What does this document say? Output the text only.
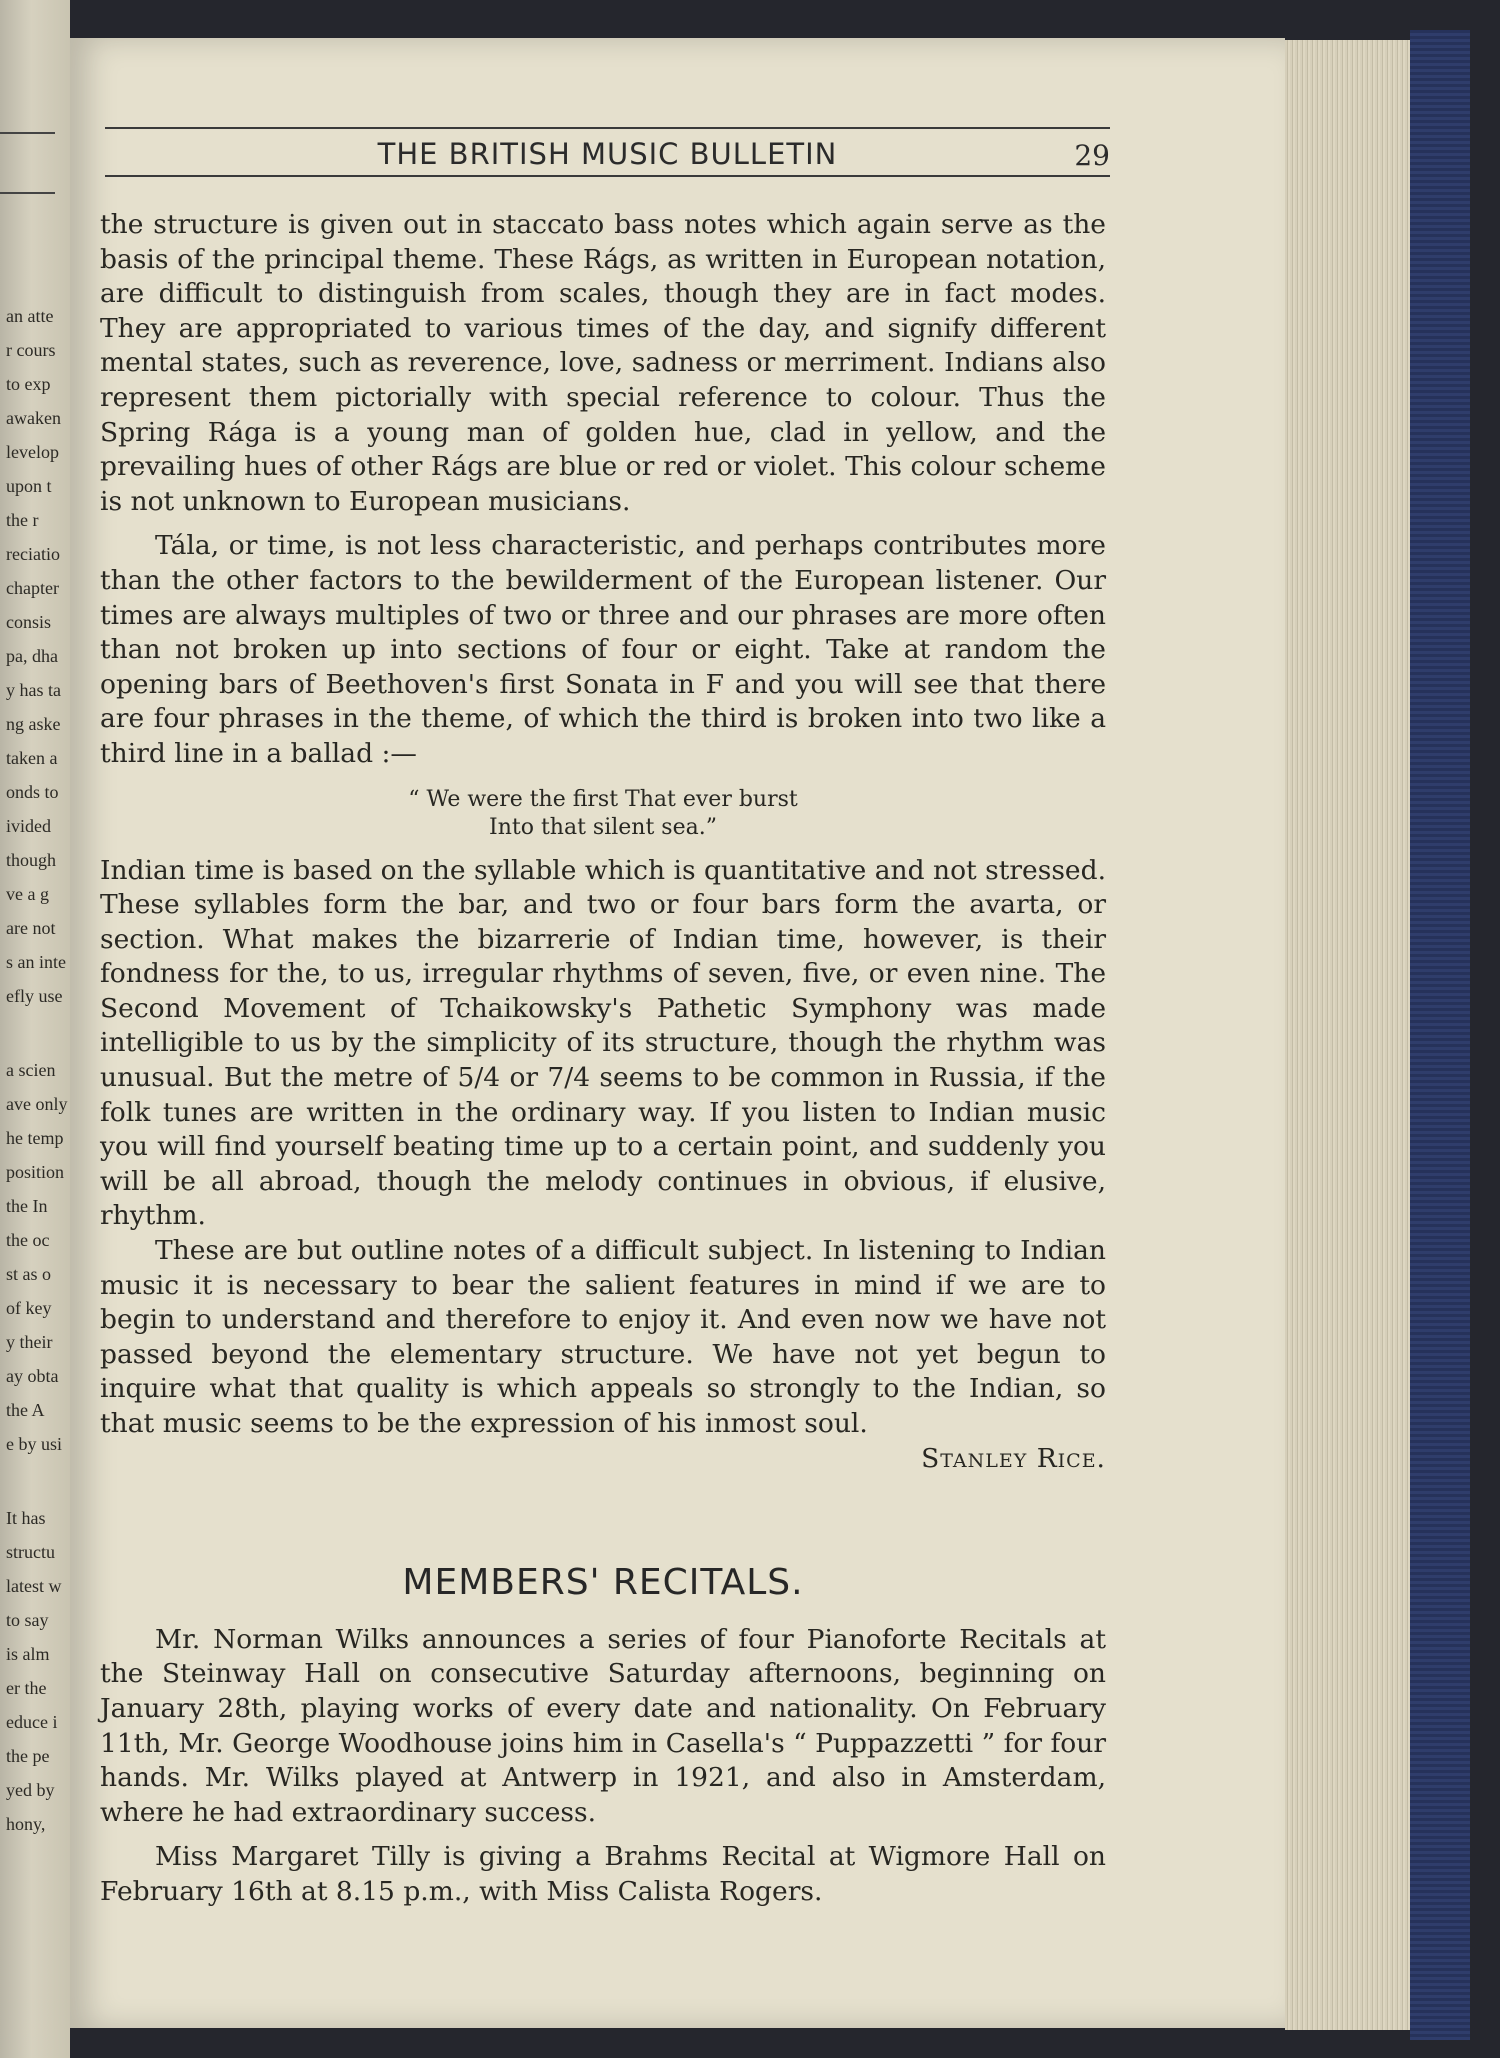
an atte
r cours
to exp
awaken
levelop
upon t
the r
reciatio
chapter
consis
pa, dha
y has ta
ng aske
taken a
onds to
ivided
though
ve a g
are not
s an inte
efly use
a scien
ave only
he temp
position
the In
the oc
st as o
of key
y their
ay obta
the A
e by usi
It has
structu
latest w
to say
is alm
er the
educe i
the pe
yed by
hony,
THE BRITISH MUSIC BULLETIN	29

the structure is given out in staccato bass notes which again serve as the basis of the principal theme. These Rágs, as written in European notation, are difficult to distinguish from scales, though they are in fact modes. They are appropriated to various times of the day, and signify different mental states, such as reverence, love, sadness or merriment. Indians also represent them pictorially with special reference to colour. Thus the Spring Rága is a young man of golden hue, clad in yellow, and the prevailing hues of other Rágs are blue or red or violet. This colour scheme is not unknown to European musicians.

Tála, or time, is not less characteristic, and perhaps contributes more than the other factors to the bewilderment of the European listener. Our times are always multiples of two or three and our phrases are more often than not broken up into sections of four or eight. Take at random the opening bars of Beethoven's first Sonata in F and you will see that there are four phrases in the theme, of which the third is broken into two like a third line in a ballad :—

“ We were the first That ever burst
Into that silent sea.”

Indian time is based on the syllable which is quantitative and not stressed. These syllables form the bar, and two or four bars form the avarta, or section. What makes the bizarrerie of Indian time, however, is their fondness for the, to us, irregular rhythms of seven, five, or even nine. The Second Movement of Tchaikowsky's Pathetic Symphony was made intelligible to us by the simplicity of its structure, though the rhythm was unusual. But the metre of 5/4 or 7/4 seems to be common in Russia, if the folk tunes are written in the ordinary way. If you listen to Indian music you will find yourself beating time up to a certain point, and suddenly you will be all abroad, though the melody continues in obvious, if elusive, rhythm.

These are but outline notes of a difficult subject. In listening to Indian music it is necessary to bear the salient features in mind if we are to begin to understand and therefore to enjoy it. And even now we have not passed beyond the elementary structure. We have not yet begun to inquire what that quality is which appeals so strongly to the Indian, so that music seems to be the expression of his inmost soul.
Stanley Rice.

MEMBERS' RECITALS.

Mr. Norman Wilks announces a series of four Pianoforte Recitals at the Steinway Hall on consecutive Saturday afternoons, beginning on January 28th, playing works of every date and nationality. On February 11th, Mr. George Woodhouse joins him in Casella's “ Puppazzetti ” for four hands. Mr. Wilks played at Antwerp in 1921, and also in Amsterdam, where he had extraordinary success.

Miss Margaret Tilly is giving a Brahms Recital at Wigmore Hall on February 16th at 8.15 p.m., with Miss Calista Rogers.
